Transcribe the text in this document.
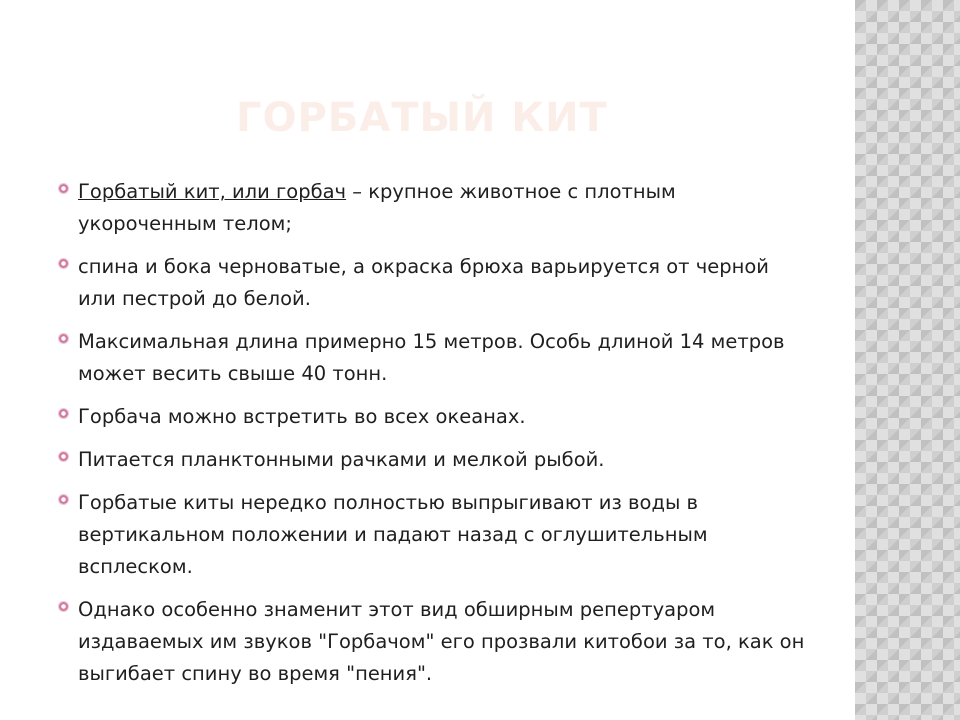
ГОРБАТЫЙ КИТ
Горбатый кит, или горбач – крупное животное с плотным укороченным телом;
спина и бока черноватые, а окраска брюха варьируется от черной или пестрой до белой.
Максимальная длина примерно 15 метров. Особь длиной 14 метров может весить свыше 40 тонн.
Горбача можно встретить во всех океанах.
Питается планктонными рачками и мелкой рыбой.
Горбатые киты нередко полностью выпрыгивают из воды в вертикальном положении и падают назад с оглушительным всплеском.
Однако особенно знаменит этот вид обширным репертуаром издаваемых им звуков "Горбачом" его прозвали китобои за то, как он выгибает спину во время "пения".
